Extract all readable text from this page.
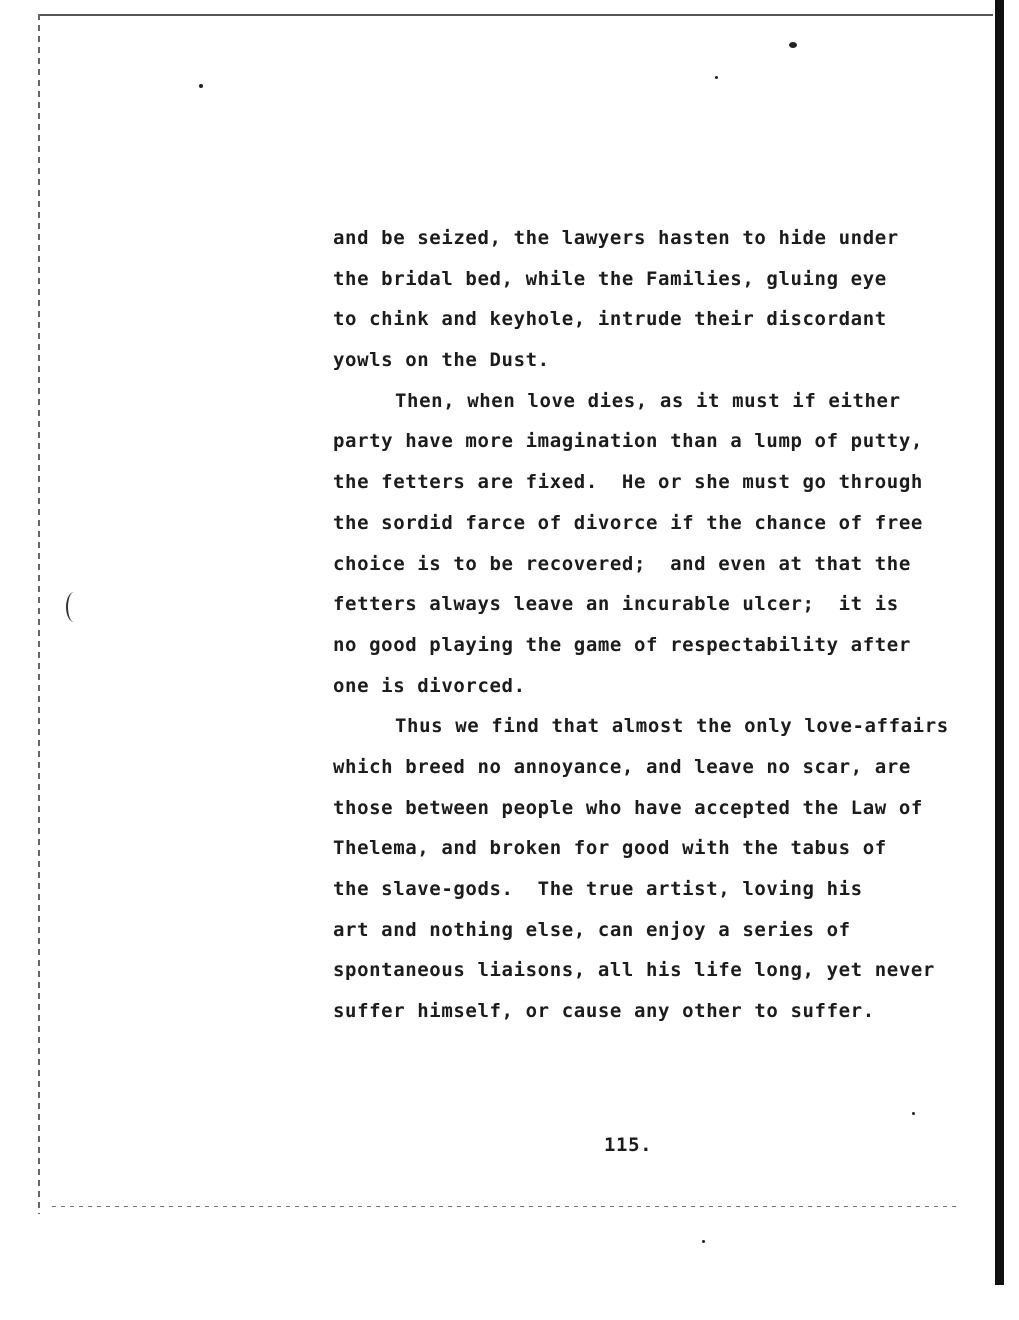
and be seized, the lawyers hasten to hide under
the bridal bed, while the Families, gluing eye
to chink and keyhole, intrude their discordant
yowls on the Dust.
Then, when love dies, as it must if either
party have more imagination than a lump of putty,
the fetters are fixed.  He or she must go through
the sordid farce of divorce if the chance of free
choice is to be recovered;  and even at that the
fetters always leave an incurable ulcer;  it is
no good playing the game of respectability after
one is divorced.
Thus we find that almost the only love-affairs
which breed no annoyance, and leave no scar, are
those between people who have accepted the Law of
Thelema, and broken for good with the tabus of
the slave-gods.  The true artist, loving his
art and nothing else, can enjoy a series of
spontaneous liaisons, all his life long, yet never
suffer himself, or cause any other to suffer.
115.
